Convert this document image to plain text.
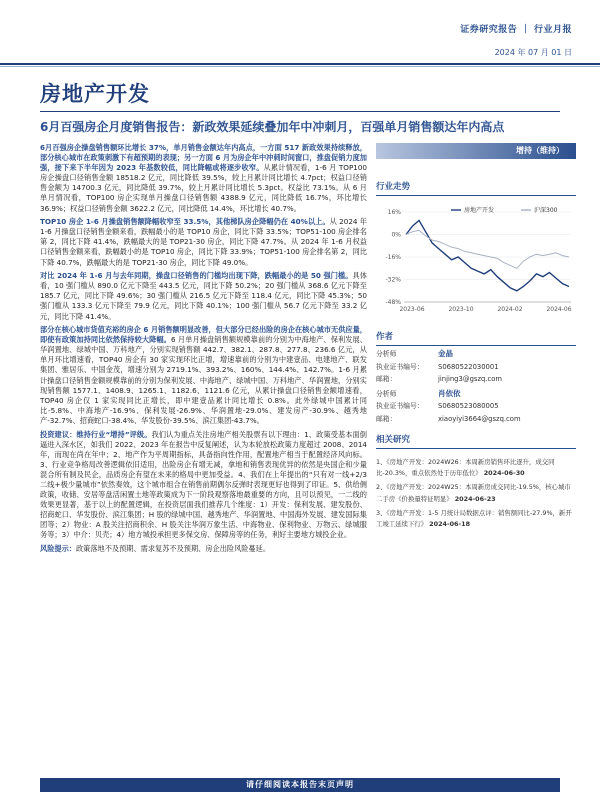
证券研究报告 ｜ 行业月报
2024 年 07 月 01 日
房地产开发
6月百强房企月度销售报告：新政效果延续叠加年中冲刺月，百强单月销售额达年内高点

6月百强房企操盘销售额环比增长 37%，单月销售金额达年内高点，一方面 517 新政效果持续释放，部分核心城市在政策刺激下有超预期的表现；另一方面 6 月为房企年中冲刺时间窗口，推盘促销力度加强，接下来下半年因为 2023 年基数较低，同比降幅或将逐步收窄。从累计情况看，1-6 月 TOP100 房企操盘口径销售金额 18518.2 亿元，同比降低 39.5%，较上月累计同比增长 4.7pct；权益口径销售金额为 14700.3 亿元，同比降低 39.7%，较上月累计同比增长 5.3pct。权益比 73.1%。从 6 月单月情况看，TOP100 房企实现单月操盘口径销售额 4388.9 亿元，同比降低 16.7%，环比增长 36.9%；权益口径销售金额 3622.2 亿元，同比降低 14.4%，环比增长 40.7%。

TOP10 房企 1-6 月操盘销售额降幅收窄至 33.5%，其他梯队房企降幅仍在 40%以上。从 2024 年 1-6 月操盘口径销售金额来看，跌幅最小的是 TOP10 房企，同比下降 33.5%；TOP51-100 房企排名第 2，同比下降 41.4%，跌幅最大的是 TOP21-30 房企，同比下降 47.7%。从 2024 年 1-6 月权益口径销售金额来看，跌幅最小的是 TOP10 房企，同比下降 33.9%；TOP51-100 房企排名第 2，同比下降 40.7%，跌幅最大的是 TOP21-30 房企，同比下降 49.0%。

对比 2024 年 1-6 月与去年同期，操盘口径销售的门槛均出现下降，跌幅最小的是 50 强门槛。具体看，10 强门槛从 890.0 亿元下降至 443.5 亿元，同比下降 50.2%；20 强门槛从 368.6 亿元下降至 185.7 亿元，同比下降 49.6%；30 强门槛从 216.5 亿元下降至 118.4 亿元，同比下降 45.3%；50 强门槛从 133.3 亿元下降至 79.9 亿元，同比下降 40.1%；100 强门槛从 56.7 亿元下降至 33.2 亿元，同比下降 41.4%。

部分在核心城市货值充裕的房企 6 月销售额明显改善，但大部分已经出险的房企在核心城市无供应量，即使有政策加持同比依然保持较大降幅。6 月单月操盘销售额规模靠前的分别为中海地产、保利发展、华润置地、绿城中国、万科地产，分别实现销售额 442.7、382.1、287.8、277.8、236.6 亿元，从单月环比增速看，TOP40 房企有 30 家实现环比正增，增速靠前的分别为中建壹品、电建地产、联发集团、雅居乐、中国金茂，增速分别为 2719.1%、393.2%、160%、144.4%、142.7%。1-6 月累计操盘口径销售金额规模靠前的分别为保利发展、中海地产、绿城中国、万科地产、华润置地，分别实现销售额 1577.1、1408.9、1265.1、1182.6、1121.6 亿元，从累计操盘口径销售金额增速看，TOP40 房企仅 1 家实现同比正增长，即中建壹品累计同比增长 0.8%。此外绿城中国累计同比-5.8%、中海地产-16.9%、保利发展-26.9%、华润置地-29.0%、建发房产-30.9%、越秀地产-32.7%、招商蛇口-38.4%、华发股份-39.5%、滨江集团-43.7%。

投资建议：维持行业“增持”评级。我们认为重点关注房地产相关股票有以下理由：1、政策受基本面倒逼进入深水区，如我们 2022、2023 年在报告中反复阐述，认为本轮放松政策力度超过 2008、2014 年，而现在尚在年中；2、地产作为平周期指标，具备指向性作用，配置地产相当于配置经济风向标。3、行业竞争格局改善逻辑依旧适用，出险房企有增无减，拿地和销售表现优异的依然是央国企和少量混合所有制及民企，品质房企有望在未来的格局中更加受益。4、我们在上年提出的“只有对一线+2/3 二线+极少量城市”依然奏效，这个城市组合在销售前期偶尔反弹时表现更好也得到了印证。5、供给侧政策，收储、安居等盘活闲置土地等政策成为下一阶段观察落地最重要的方向，且可以预见，一二线的效果更显著，基于以上的配置逻辑，在投资层面我们推荐几个维度：1）开发：保利发展、建发股份、招商蛇口、华发股份、滨江集团；H 股的绿城中国、越秀地产、华润置地、中国海外发展、建发国际集团等；2）物业：A 股关注招商积余、H 股关注华润万象生活、中海物业、保利物业、万物云、绿城服务等；3）中介：贝壳；4）地方城投承担更多保交房、保障房等的任务，利好主要地方城投企业。

风险提示：政策落地不及预期、需求复苏不及预期、房企出险风险蔓延。

增持（维持）
行业走势
16%
0%
-16%
-32%
-48%
2023-06	2023-10	2024-02	2024-06
房地产开发	沪深300
作者
分析师	金晶
执业证书编号：	S0680522030001
邮箱：	jinjing3@gszq.com
分析师	肖依依
执业证书编号：	S0680523080005
邮箱：	xiaoyiyi3664@gszq.com
相关研究
1、《房地产开发：2024W26：本周新房销售环比逐升，成交同比-20.3%，重点依然处于历年低位》 2024-06-30
2、《房地产开发：2024W25：本周新房成交同比-19.5%，核心城市二手房《价换量特征明显》 2024-06-23
3、《房地产开发：1-5 月统计局数据点评：销售额同比-27.9%，新开工竣工延续下行》 2024-06-18
请仔细阅读本报告末页声明
